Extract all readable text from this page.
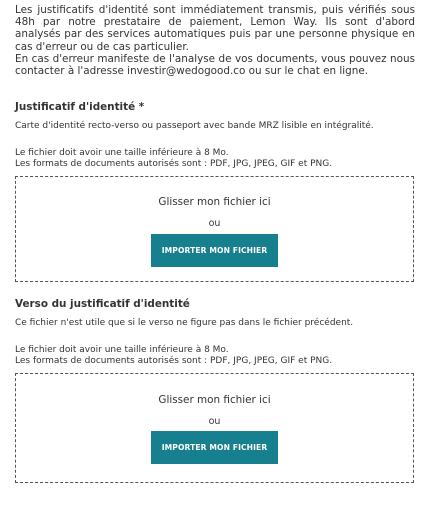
Les justificatifs d'identité sont immédiatement transmis, puis vérifiés sous 48h par notre prestataire de paiement, Lemon Way. Ils sont d'abord analysés par des services automatiques puis par une personne physique en cas d'erreur ou de cas particulier.

En cas d'erreur manifeste de l'analyse de vos documents, vous pouvez nous contacter à l'adresse investir@wedogood.co ou sur le chat en ligne.

Justificatif d'identité *
Carte d'identité recto-verso ou passeport avec bande MRZ lisible en intégralité.
Le fichier doit avoir une taille inférieure à 8 Mo.
Les formats de documents autorisés sont : PDF, JPG, JPEG, GIF et PNG.
Glisser mon fichier ici
ou
IMPORTER MON FICHIER
Verso du justificatif d'identité
Ce fichier n'est utile que si le verso ne figure pas dans le fichier précédent.
Le fichier doit avoir une taille inférieure à 8 Mo.
Les formats de documents autorisés sont : PDF, JPG, JPEG, GIF et PNG.
Glisser mon fichier ici
ou
IMPORTER MON FICHIER
